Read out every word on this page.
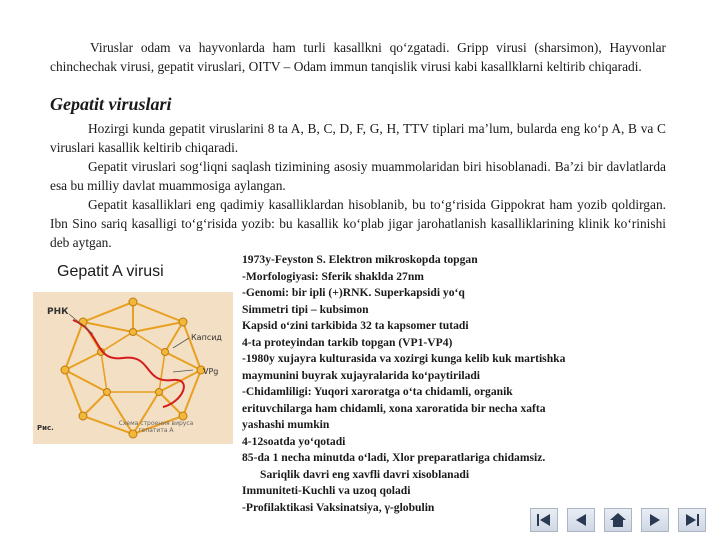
Viruslar odam va hayvonlarda ham turli kasallkni qo‘zgatadi. Gripp virusi (sharsimon), Hayvonlar chinchechak virusi, gepatit viruslari, OITV – Odam immun tanqislik virusi kabi kasallklarni keltirib chiqaradi.
Gepatit viruslari
Hozirgi kunda gepatit viruslarini 8 ta A, B, C, D, F, G, H, TTV tiplari ma’lum, bularda eng ko‘p A, B va C viruslari kasallik keltirib chiqaradi.
Gepatit viruslari sog‘liqni saqlash tizimining asosiy muammolaridan biri hisoblanadi. Ba’zi bir davlatlarda esa bu milliy davlat muammosiga aylangan.
Gepatit kasalliklari eng qadimiy kasalliklardan hisoblanib, bu to‘g‘risida Gippokrat ham yozib qoldirgan. Ibn Sino sariq kasalligi to‘g‘risida yozib: bu kasallik ko‘plab jigar jarohatlanish kasalliklarining klinik ko‘rinishi deb aytgan.
Gepatit A virusi
РНК
Капсид
VPg
Рис.
Схема строения вируса гепатита А
1973y-Feyston S. Elektron mikroskopda topgan
-Morfologiyasi: Sferik shaklda 27nm
-Genomi: bir ipli (+)RNK. Superkapsidi yo‘q
Simmetri tipi – kubsimon
Kapsid o‘zini tarkibida 32 ta kapsomer tutadi
4-ta proteyindan tarkib topgan (VP1-VP4)
-1980y xujayra kulturasida va xozirgi kunga kelib kuk martishka
maymunini buyrak xujayralarida ko‘paytiriladi
-Chidamliligi: Yuqori xaroratga o‘ta chidamli, organik
erituvchilarga ham chidamli, xona xaroratida bir necha xafta
yashashi mumkin
4-12soatda yo‘qotadi
85-da 1 necha minutda o‘ladi, Xlor preparatlariga chidamsiz.
Sariqlik davri eng xavfli davri xisoblanadi
Immuniteti-Kuchli va uzoq qoladi
-Profilaktikasi Vaksinatsiya, γ-globulin
